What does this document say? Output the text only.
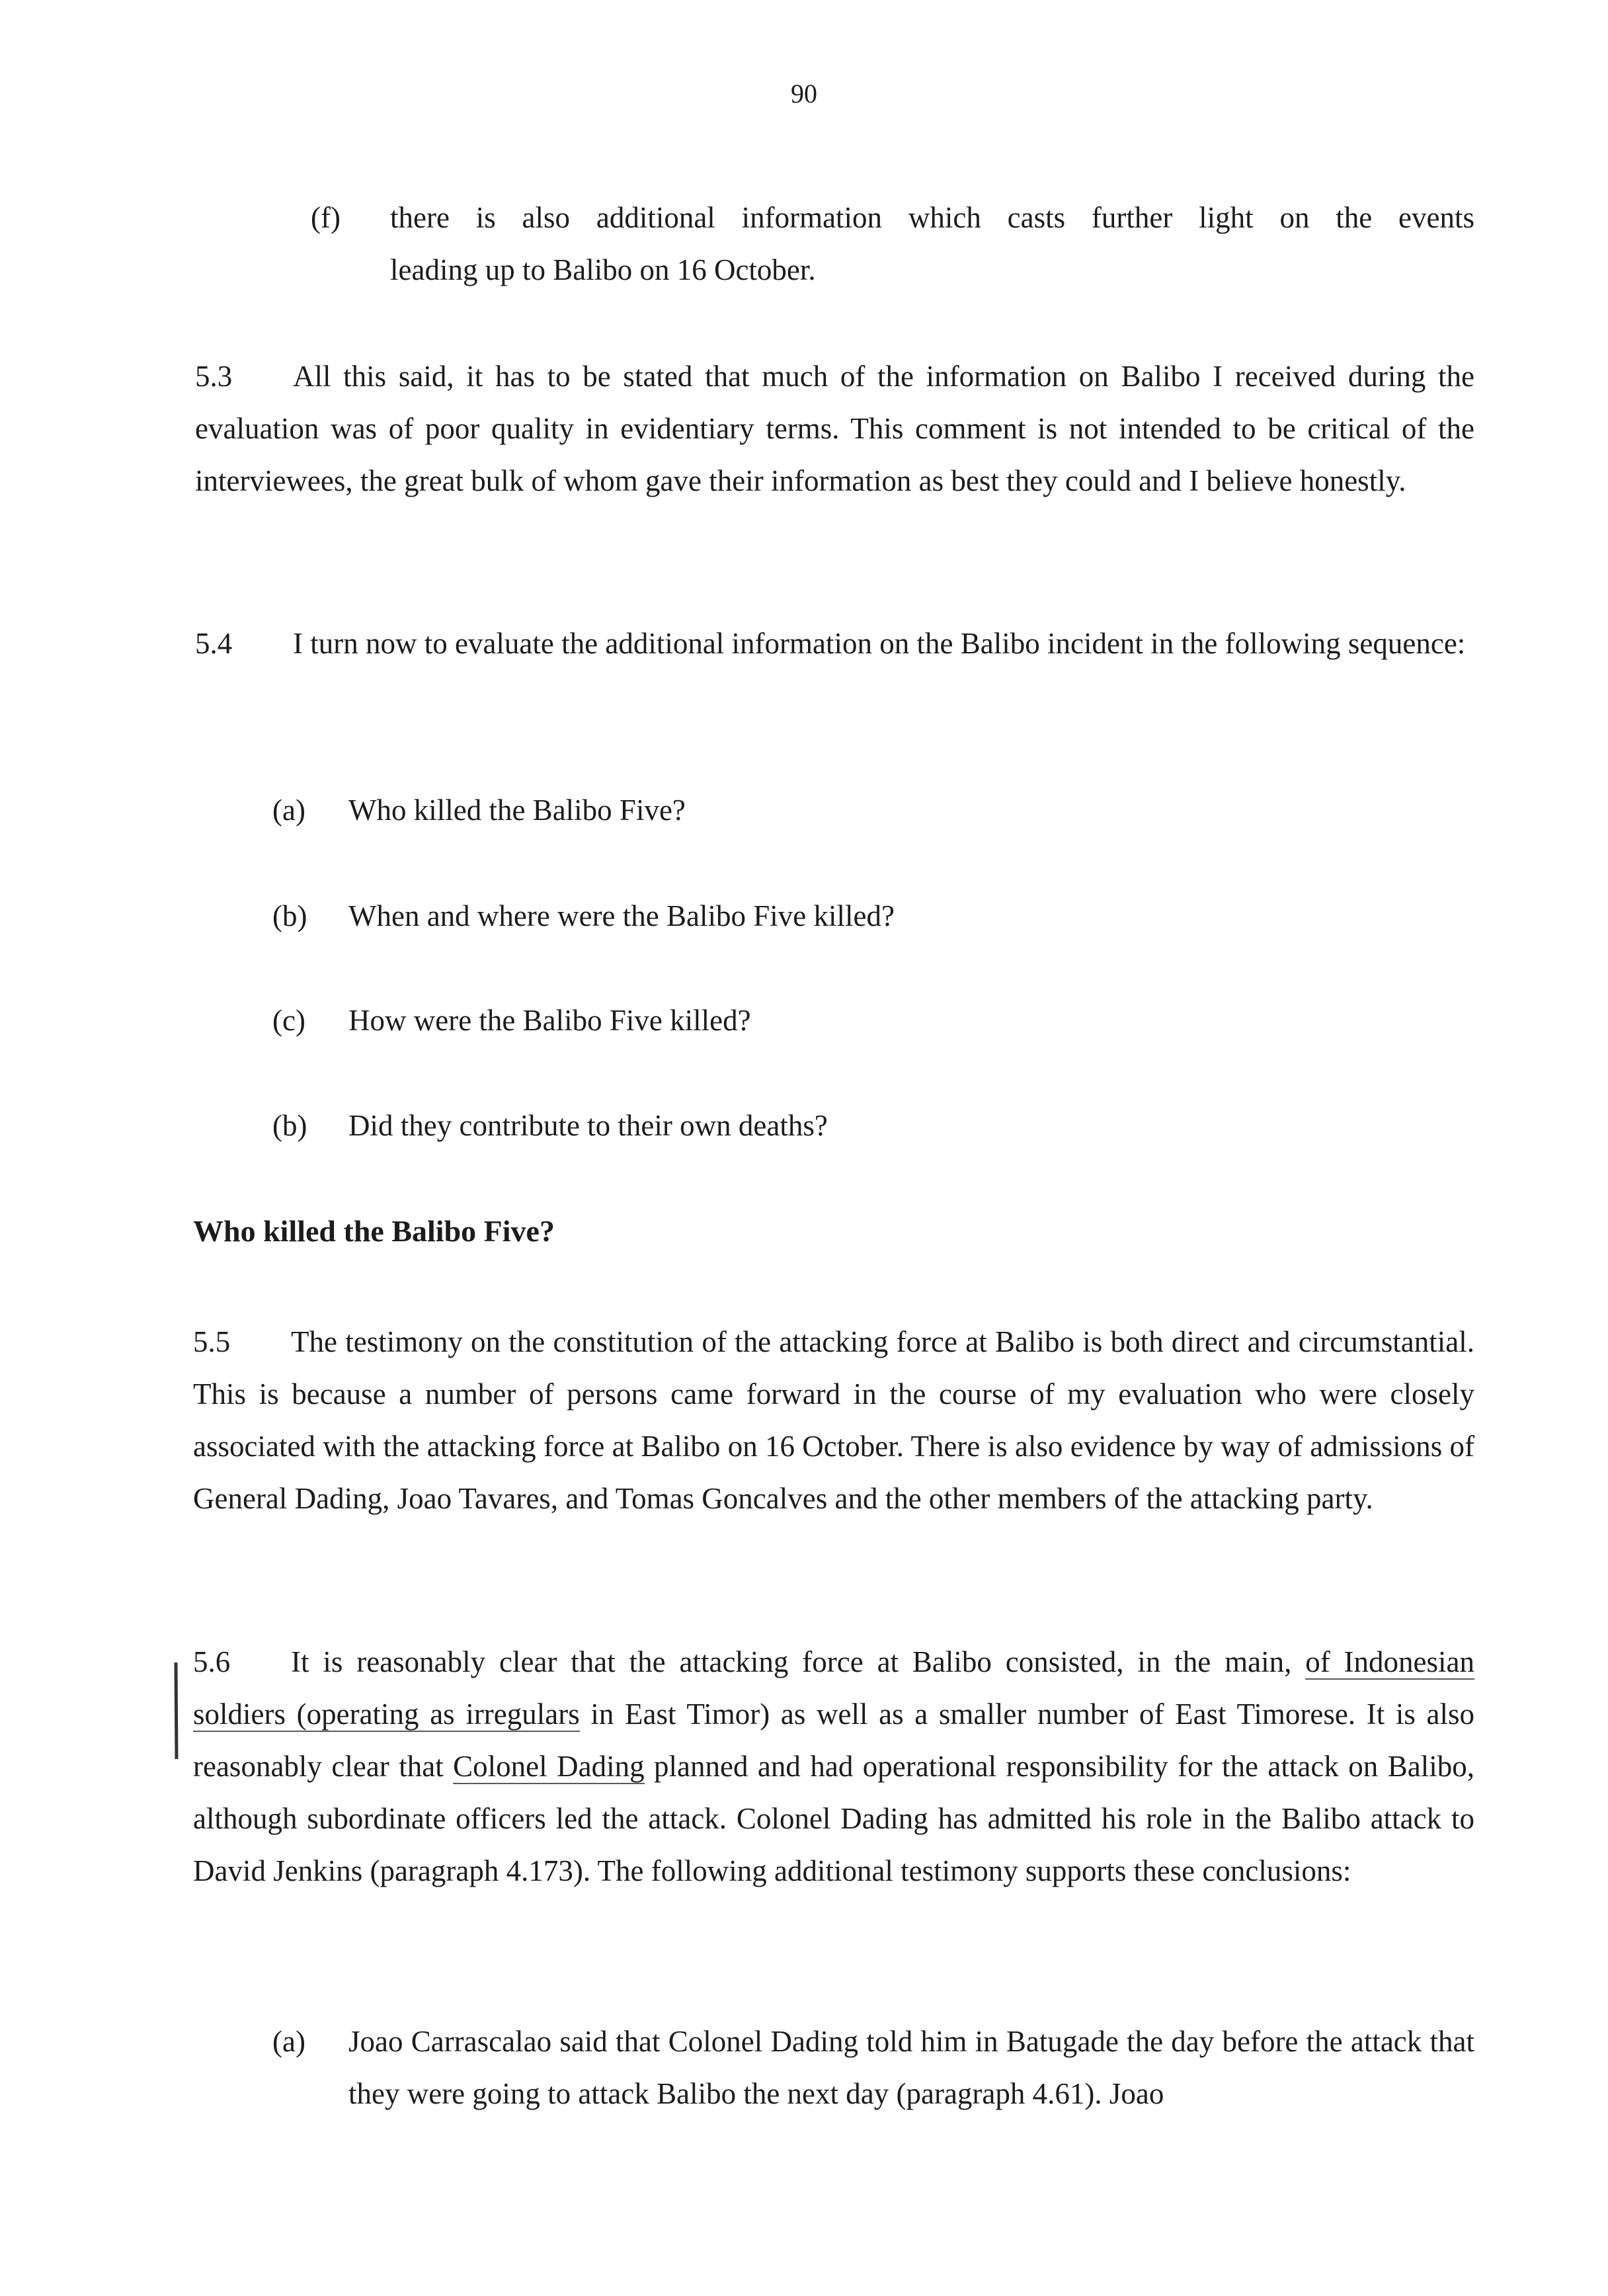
90
(f) there is also additional information which casts further light on the events
leading up to Balibo on 16 October.

5.3 All this said, it has to be stated that much of the information on Balibo I received during the evaluation was of poor quality in evidentiary terms. This comment is not intended to be critical of the interviewees, the great bulk of whom gave their information as best they could and I believe honestly.

5.4 I turn now to evaluate the additional information on the Balibo incident in the following sequence:

(a) Who killed the Balibo Five?
(b) When and where were the Balibo Five killed?
(c) How were the Balibo Five killed?
(b) Did they contribute to their own deaths?
Who killed the Balibo Five?

5.5 The testimony on the constitution of the attacking force at Balibo is both direct and circumstantial. This is because a number of persons came forward in the course of my evaluation who were closely associated with the attacking force at Balibo on 16 October. There is also evidence by way of admissions of General Dading, Joao Tavares, and Tomas Goncalves and the other members of the attacking party.

5.6 It is reasonably clear that the attacking force at Balibo consisted, in the main, of Indonesian soldiers (operating as irregulars in East Timor) as well as a smaller number of East Timorese. It is also reasonably clear that Colonel Dading planned and had operational responsibility for the attack on Balibo, although subordinate officers led the attack. Colonel Dading has admitted his role in the Balibo attack to David Jenkins (paragraph 4.173). The following additional testimony supports these conclusions:

(a) Joao Carrascalao said that Colonel Dading told him in Batugade the day before the attack that they were going to attack Balibo the next day (paragraph 4.61). Joao
